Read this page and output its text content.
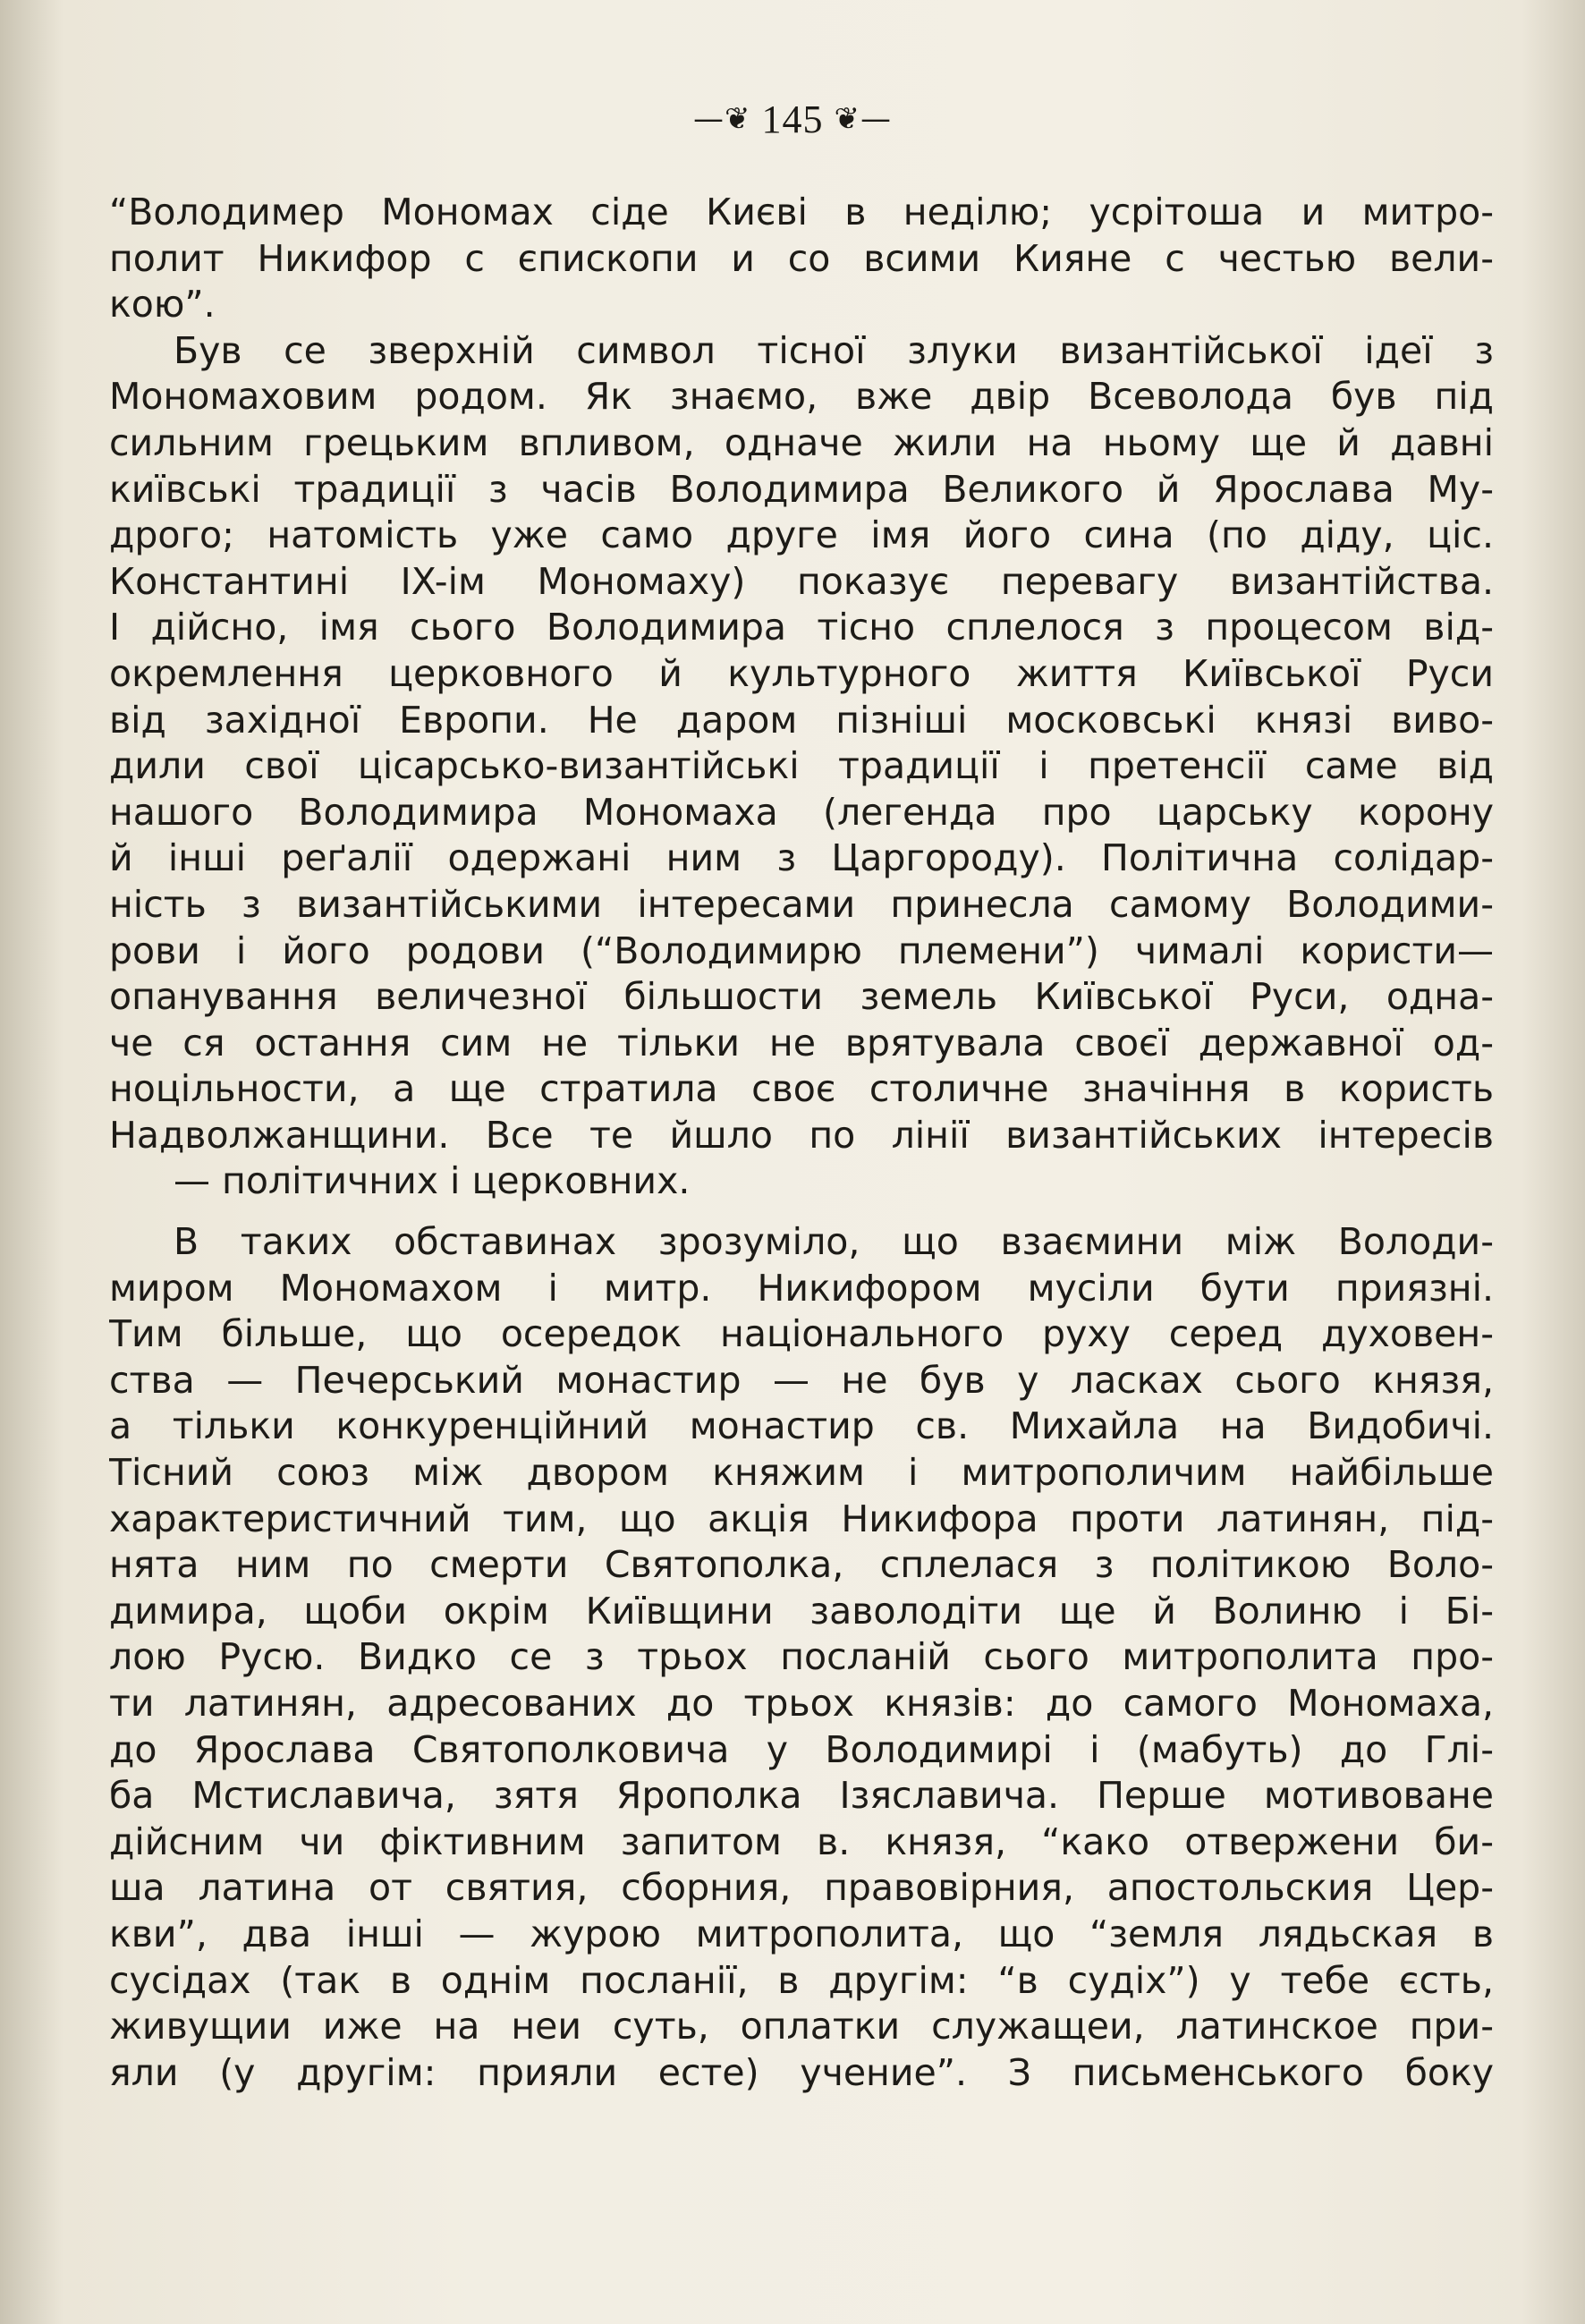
—❦ 145 ❦—
“Володимер Мономах сіде Києві в неділю; усрітоша и митро-
полит Никифор с єпископи и со всими Кияне с честью вели-
кою”.
Був се зверхній символ тісної злуки византійської ідеї з
Мономаховим родом. Як знаємо, вже двір Всеволода був під
сильним грецьким впливом, одначе жили на ньому ще й давні
київські традиції з часів Володимира Великого й Ярослава Му-
дрого; натомість уже само друге імя його сина (по діду, ціс.
Константині IX-ім Мономаху) показує перевагу византійства.
І дійсно, імя сього Володимира тісно сплелося з процесом від-
окремлення церковного й культурного життя Київської Руси
від західної Европи. Не даром пізніші московські князі виво-
дили свої цісарсько-византійські традиції і претенсії саме від
нашого Володимира Мономаха (легенда про царську корону
й інші реґалії одержані ним з Царгороду). Політична солідар-
ність з византійськими інтересами принесла самому Володими-
рови і його родови (“Володимирю племени”) чималі користи—
опанування величезної більшости земель Київської Руси, одна-
че ся остання сим не тільки не врятувала своєї державної од-
ноцільности, а ще стратила своє столичне значіння в користь
Надволжанщини. Все те йшло по лінії византійських інтересів
— політичних і церковних.
В таких обставинах зрозуміло, що взаємини між Володи-
миром Мономахом і митр. Никифором мусіли бути приязні.
Тим більше, що осередок національного руху серед духовен-
ства — Печерський монастир — не був у ласках сього князя,
а тільки конкуренційний монастир св. Михайла на Видобичі.
Тісний союз між двором княжим і митрополичим найбільше
характеристичний тим, що акція Никифора проти латинян, під-
нята ним по смерти Святополка, сплелася з політикою Воло-
димира, щоби окрім Київщини заволодіти ще й Волиню і Бі-
лою Русю. Видко се з трьох посланій сього митрополита про-
ти латинян, адресованих до трьох князів: до самого Мономаха,
до Ярослава Святополковича у Володимирі і (мабуть) до Глі-
ба Мстиславича, зятя Ярополка Ізяславича. Перше мотивоване
дійсним чи фіктивним запитом в. князя, “како отвержени би-
ша латина от святия, сборния, правовірния, апостольския Цер-
кви”, два інші — журою митрополита, що “земля лядьская в
сусідах (так в однім посланії, в другім: “в судіх”) у тебе єсть,
живущии иже на неи суть, оплатки служащеи, латинское при-
яли (у другім: прияли есте) учение”. З письменського боку
